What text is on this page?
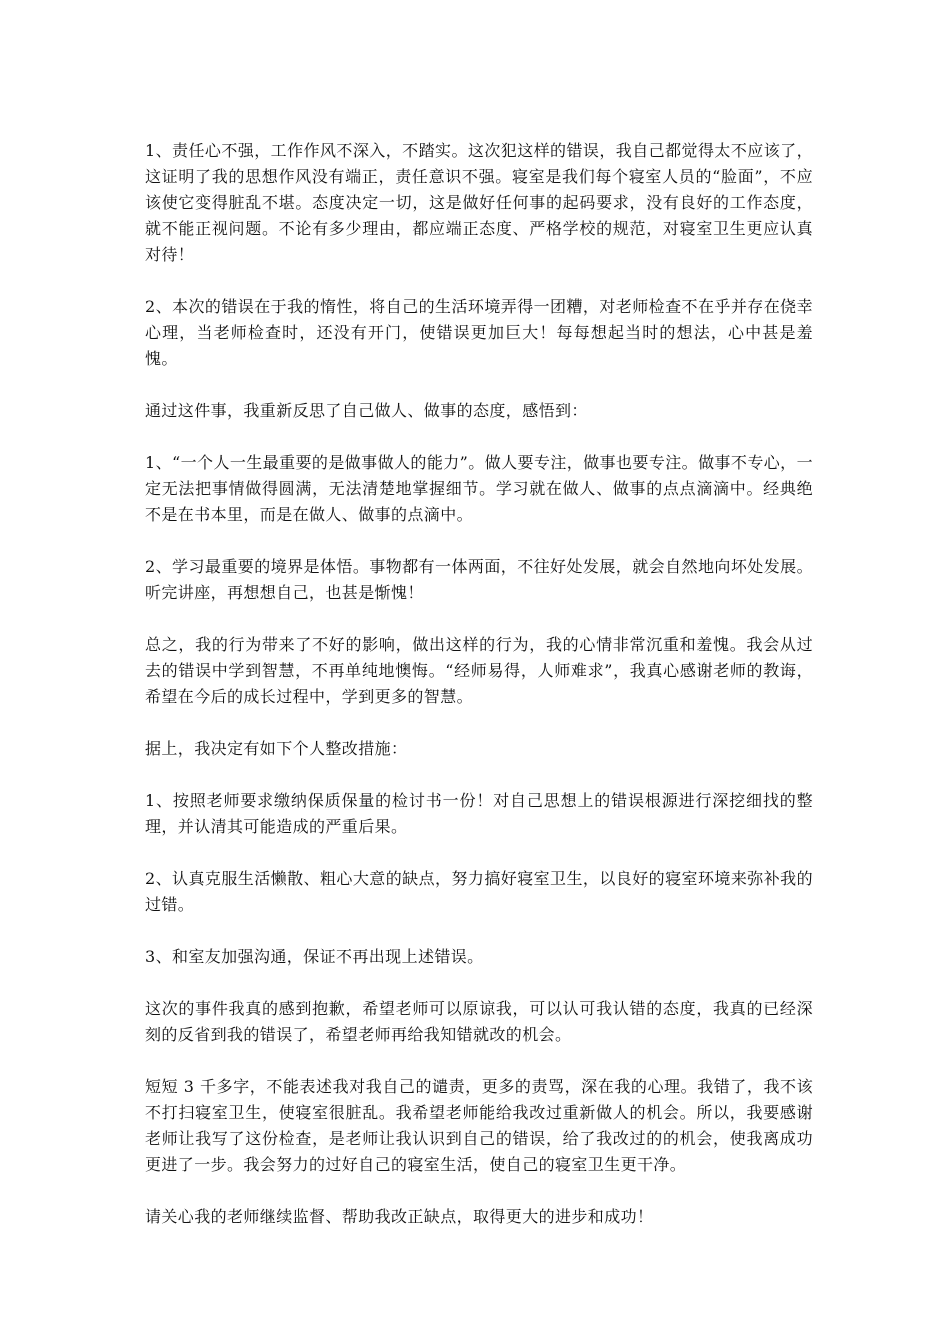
1、责任心不强，工作作风不深入，不踏实。这次犯这样的错误，我自己都觉得太不应该了，这证明了我的思想作风没有端正，责任意识不强。寝室是我们每个寝室人员的“脸面”，不应该使它变得脏乱不堪。态度决定一切，这是做好任何事的起码要求，没有良好的工作态度，就不能正视问题。不论有多少理由，都应端正态度、严格学校的规范，对寝室卫生更应认真对待！

2、本次的错误在于我的惰性，将自己的生活环境弄得一团糟，对老师检查不在乎并存在侥幸心理，当老师检查时，还没有开门，使错误更加巨大！每每想起当时的想法，心中甚是羞愧。

通过这件事，我重新反思了自己做人、做事的态度，感悟到：

1、“一个人一生最重要的是做事做人的能力”。做人要专注，做事也要专注。做事不专心，一定无法把事情做得圆满，无法清楚地掌握细节。学习就在做人、做事的点点滴滴中。经典绝不是在书本里，而是在做人、做事的点滴中。

2、学习最重要的境界是体悟。事物都有一体两面，不往好处发展，就会自然地向坏处发展。听完讲座，再想想自己，也甚是惭愧！

总之，我的行为带来了不好的影响，做出这样的行为，我的心情非常沉重和羞愧。我会从过去的错误中学到智慧，不再单纯地懊悔。“经师易得，人师难求”，我真心感谢老师的教诲，希望在今后的成长过程中，学到更多的智慧。

据上，我决定有如下个人整改措施：

1、按照老师要求缴纳保质保量的检讨书一份！对自己思想上的错误根源进行深挖细找的整理，并认清其可能造成的严重后果。

2、认真克服生活懒散、粗心大意的缺点，努力搞好寝室卫生，以良好的寝室环境来弥补我的过错。

3、和室友加强沟通，保证不再出现上述错误。

这次的事件我真的感到抱歉，希望老师可以原谅我，可以认可我认错的态度，我真的已经深刻的反省到我的错误了，希望老师再给我知错就改的机会。

短短 3 千多字，不能表述我对我自己的谴责，更多的责骂，深在我的心理。我错了，我不该不打扫寝室卫生，使寝室很脏乱。我希望老师能给我改过重新做人的机会。所以，我要感谢老师让我写了这份检查，是老师让我认识到自己的错误，给了我改过的的机会，使我离成功更进了一步。我会努力的过好自己的寝室生活，使自己的寝室卫生更干净。

请关心我的老师继续监督、帮助我改正缺点，取得更大的进步和成功！
